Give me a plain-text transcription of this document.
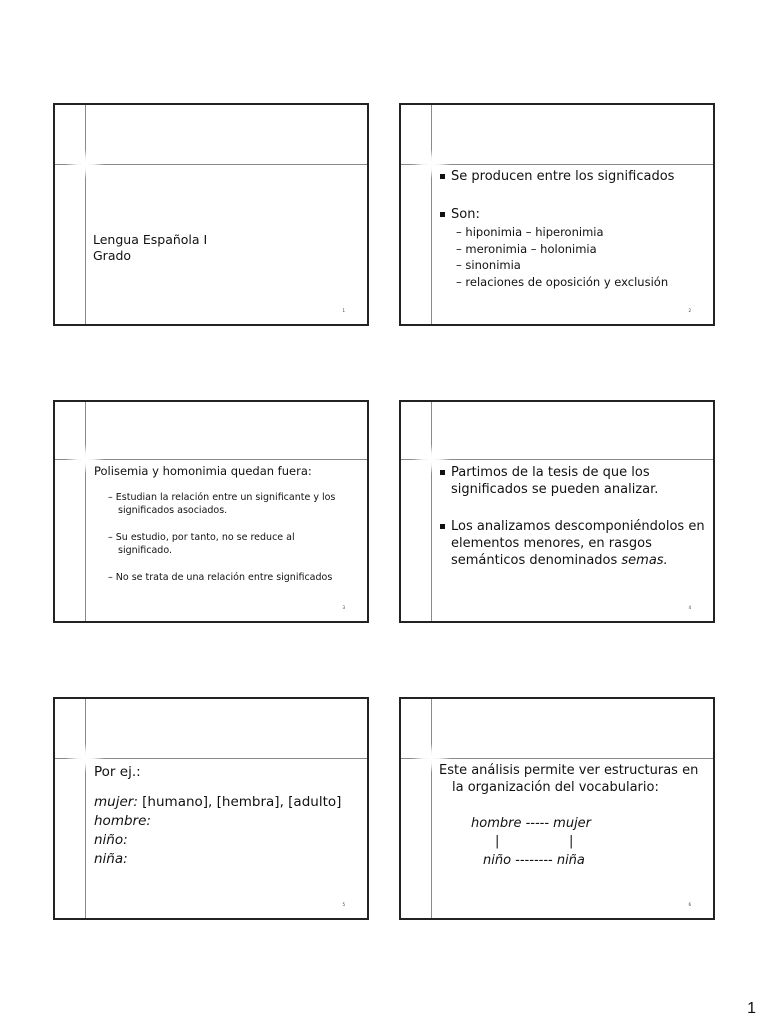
Lengua Española I
Grado
1
Se producen entre los significados
Son:
– hiponimia – hiperonimia
– meronimia – holonimia
– sinonimia
– relaciones de oposición y exclusión
2
Polisemia y homonimia quedan fuera:
– Estudian la relación entre un significante y los
significados asociados.
– Su estudio, por tanto, no se reduce al
significado.
– No se trata de una relación entre significados
3
Partimos de la tesis de que los
significados se pueden analizar.
Los analizamos descomponiéndolos en
elementos menores, en rasgos
semánticos denominados semas.
4
Por ej.:
mujer: [humano], [hembra], [adulto]
hombre:
niño:
niña:
5
Este análisis permite ver estructuras en
la organización del vocabulario:
hombre ----- mujer
|	|
niño -------- niña
6
1
